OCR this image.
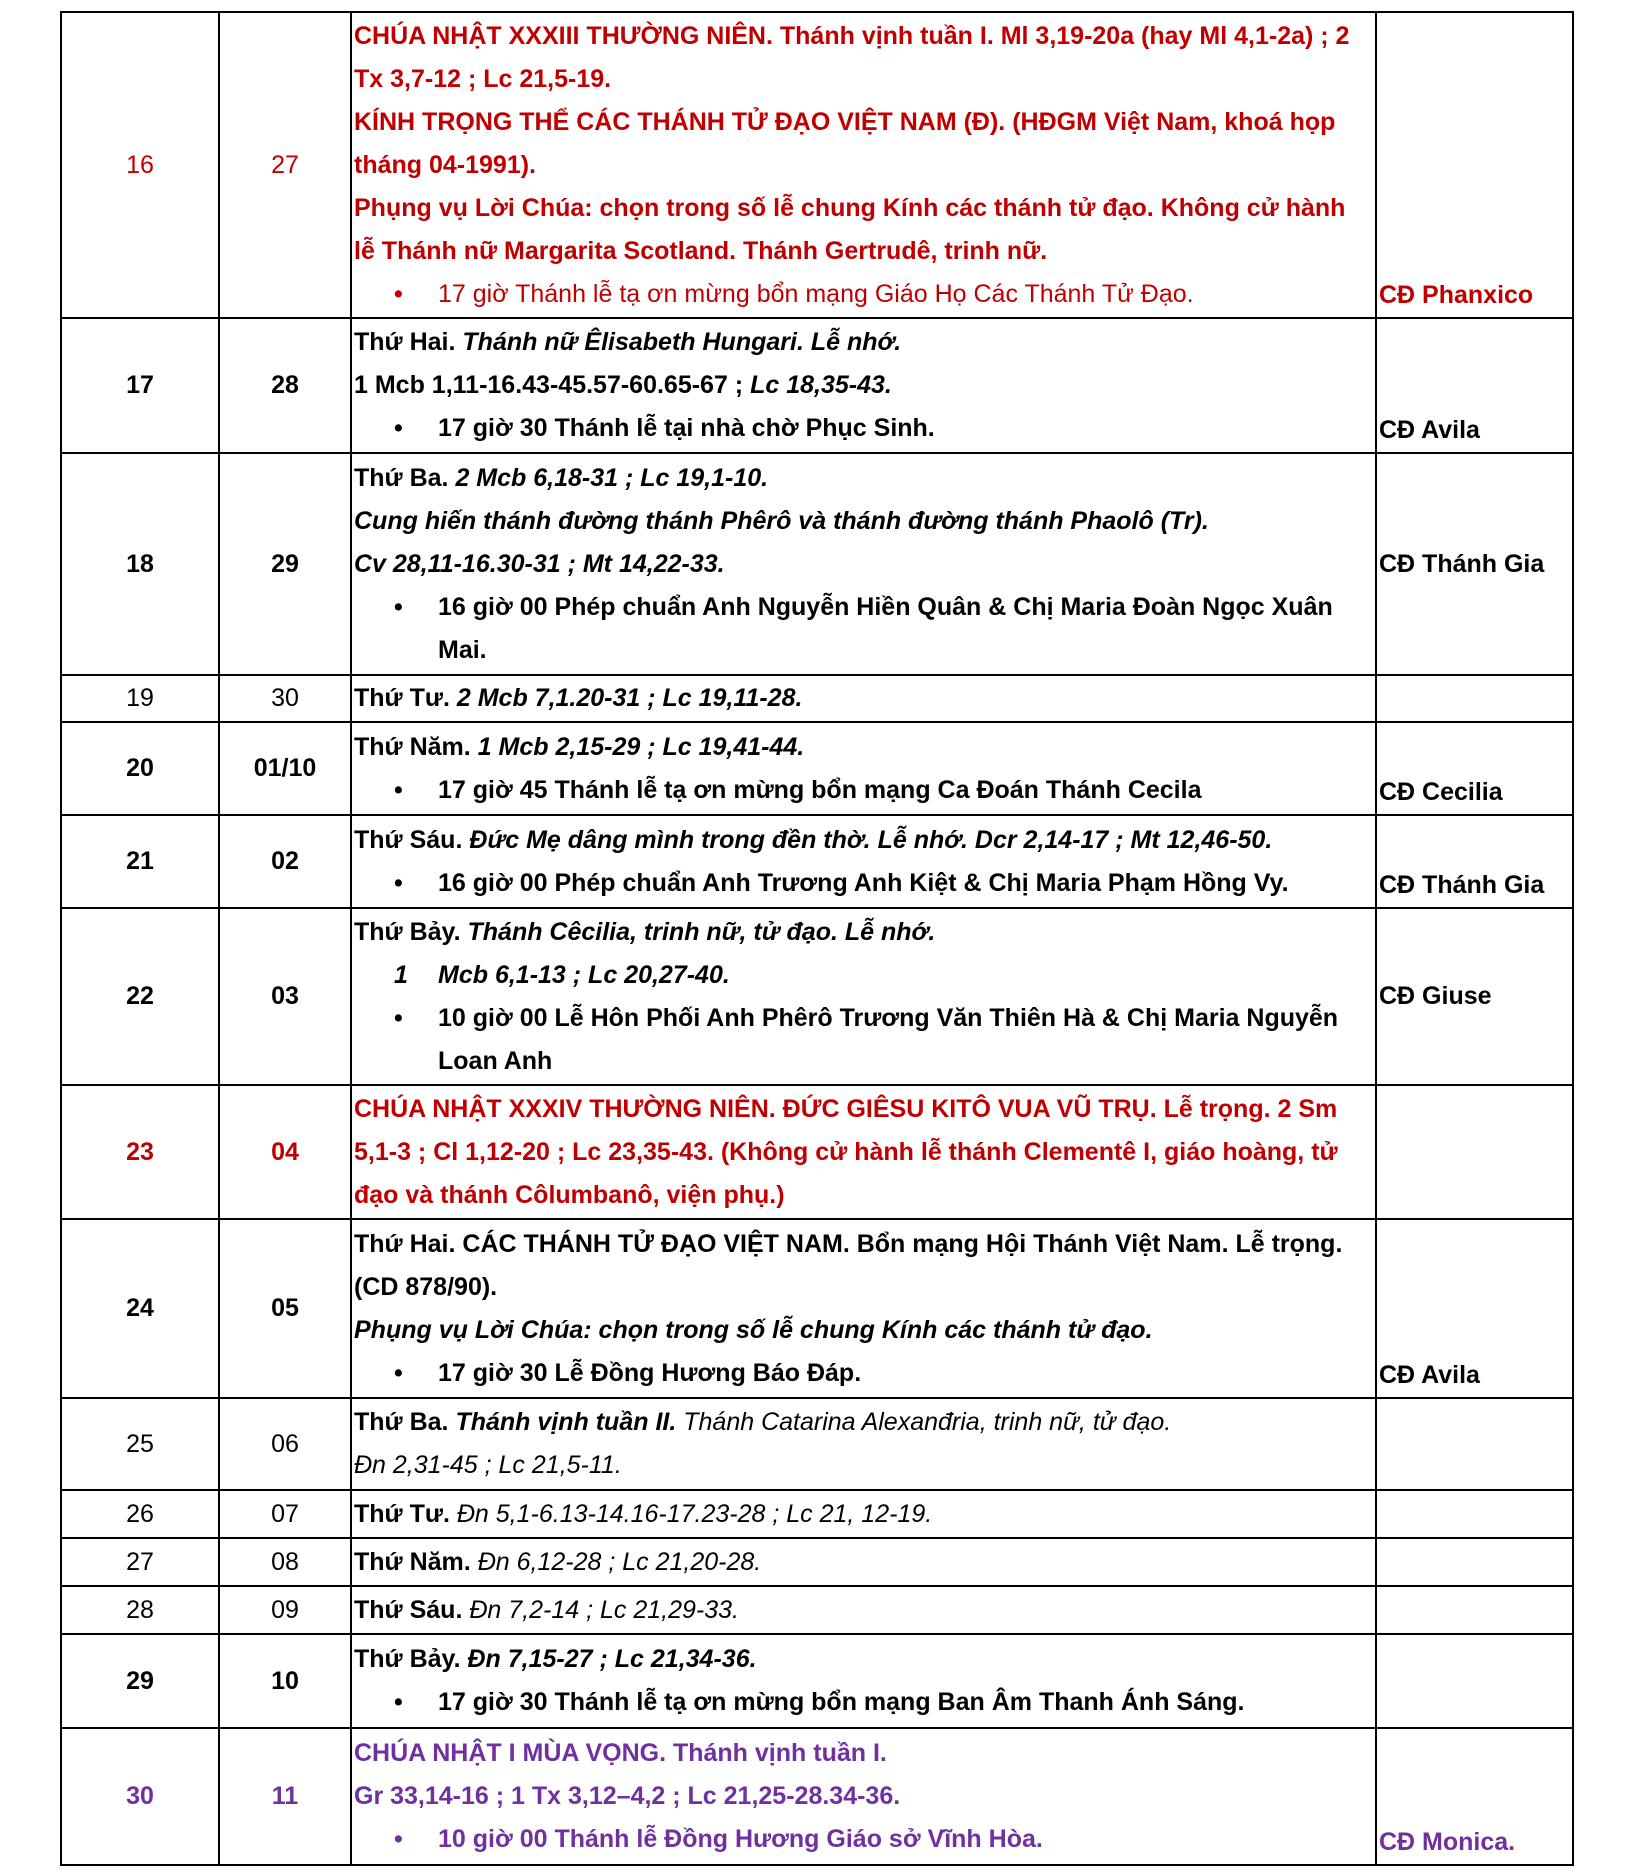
16	27	CHÚA NHẬT XXXIII THƯỜNG NIÊN. Thánh vịnh tuần I. Ml 3,19-20a (hay Ml 4,1-2a) ; 2 Tx 3,7-12 ; Lc 21,5-19.
KÍNH TRỌNG THỂ CÁC THÁNH TỬ ĐẠO VIỆT NAM (Đ). (HĐGM Việt Nam, khoá họp tháng 04-1991).
Phụng vụ Lời Chúa: chọn trong số lễ chung Kính các thánh tử đạo. Không cử hành lễ Thánh nữ Margarita Scotland. Thánh Gertrudê, trinh nữ.
• 17 giờ Thánh lễ tạ ơn mừng bổn mạng Giáo Họ Các Thánh Tử Đạo.	CĐ Phanxico
17	28	Thứ Hai. Thánh nữ Êlisabeth Hungari. Lễ nhớ.
1 Mcb 1,11-16.43-45.57-60.65-67 ; Lc 18,35-43.
• 17 giờ 30 Thánh lễ tại nhà chờ Phục Sinh.	CĐ Avila
18	29	Thứ Ba. 2 Mcb 6,18-31 ; Lc 19,1-10.
Cung hiến thánh đường thánh Phêrô và thánh đường thánh Phaolô (Tr).
Cv 28,11-16.30-31 ; Mt 14,22-33.
• 16 giờ 00 Phép chuẩn Anh Nguyễn Hiền Quân & Chị Maria Đoàn Ngọc Xuân Mai.	CĐ Thánh Gia
19	30	Thứ Tư. 2 Mcb 7,1.20-31 ; Lc 19,11-28.	
20	01/10	Thứ Năm. 1 Mcb 2,15-29 ; Lc 19,41-44.
• 17 giờ 45 Thánh lễ tạ ơn mừng bổn mạng Ca Đoán Thánh Cecila	CĐ Cecilia
21	02	Thứ Sáu. Đức Mẹ dâng mình trong đền thờ. Lễ nhớ. Dcr 2,14-17 ; Mt 12,46-50.
• 16 giờ 00 Phép chuẩn Anh Trương Anh Kiệt & Chị Maria Phạm Hồng Vy.	CĐ Thánh Gia
22	03	Thứ Bảy. Thánh Cêcilia, trinh nữ, tử đạo. Lễ nhớ.
1 Mcb 6,1-13 ; Lc 20,27-40.
• 10 giờ 00 Lễ Hôn Phối Anh Phêrô Trương Văn Thiên Hà & Chị Maria Nguyễn Loan Anh	CĐ Giuse
23	04	CHÚA NHẬT XXXIV THƯỜNG NIÊN. ĐỨC GIÊSU KITÔ VUA VŨ TRỤ. Lễ trọng. 2 Sm 5,1-3 ; Cl 1,12-20 ; Lc 23,35-43. (Không cử hành lễ thánh Clementê I, giáo hoàng, tử đạo và thánh Côlumbanô, viện phụ.)	
24	05	Thứ Hai. CÁC THÁNH TỬ ĐẠO VIỆT NAM. Bổn mạng Hội Thánh Việt Nam. Lễ trọng. (CD 878/90).
Phụng vụ Lời Chúa: chọn trong số lễ chung Kính các thánh tử đạo.
• 17 giờ 30 Lễ Đồng Hương Báo Đáp.	CĐ Avila
25	06	Thứ Ba. Thánh vịnh tuần II. Thánh Catarina Alexanđria, trinh nữ, tử đạo.
Đn 2,31-45 ; Lc 21,5-11.	

26	07	Thứ Tư. Đn 5,1-6.13-14.16-17.23-28 ; Lc 21, 12-19.	
27	08	Thứ Năm. Đn 6,12-28 ; Lc 21,20-28.	
28	09	Thứ Sáu. Đn 7,2-14 ; Lc 21,29-33.	
29	10	Thứ Bảy. Đn 7,15-27 ; Lc 21,34-36.
• 17 giờ 30 Thánh lễ tạ ơn mừng bổn mạng Ban Âm Thanh Ánh Sáng.	

30	11	CHÚA NHẬT I MÙA VỌNG. Thánh vịnh tuần I.
Gr 33,14-16 ; 1 Tx 3,12–4,2 ; Lc 21,25-28.34-36.
• 10 giờ 00 Thánh lễ Đồng Hương Giáo sở Vĩnh Hòa.	CĐ Monica.
